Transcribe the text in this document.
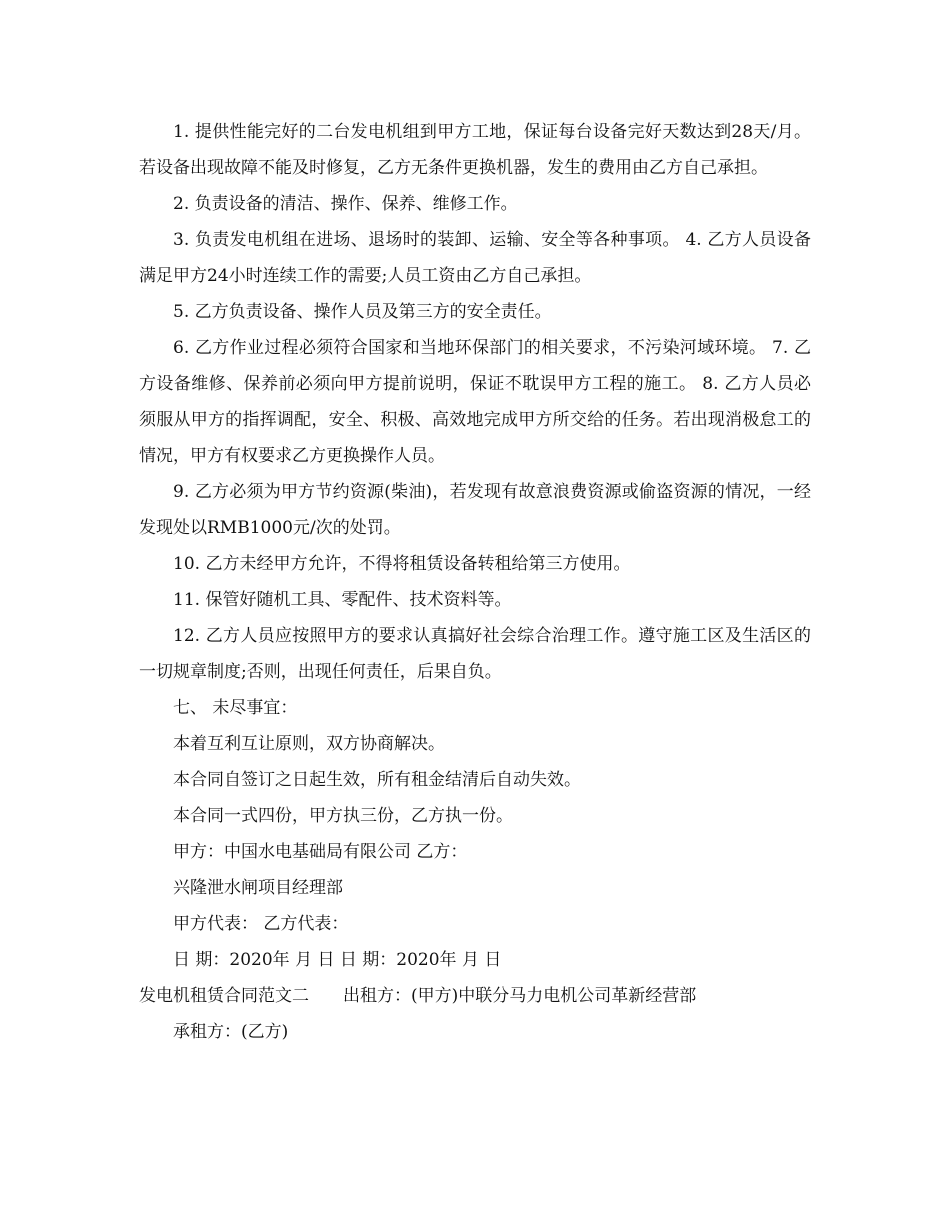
1. 提供性能完好的二台发电机组到甲方工地，保证每台设备完好天数达到28天/月。若设备出现故障不能及时修复，乙方无条件更换机器，发生的费用由乙方自己承担。

2. 负责设备的清洁、操作、保养、维修工作。

3. 负责发电机组在进场、退场时的装卸、运输、安全等各种事项。 4. 乙方人员设备满足甲方24小时连续工作的需要;人员工资由乙方自己承担。

5. 乙方负责设备、操作人员及第三方的安全责任。

6. 乙方作业过程必须符合国家和当地环保部门的相关要求，不污染河域环境。 7. 乙方设备维修、保养前必须向甲方提前说明，保证不耽误甲方工程的施工。 8. 乙方人员必须服从甲方的指挥调配，安全、积极、高效地完成甲方所交给的任务。若出现消极怠工的情况，甲方有权要求乙方更换操作人员。

9. 乙方必须为甲方节约资源(柴油)，若发现有故意浪费资源或偷盗资源的情况，一经发现处以RMB1000元/次的处罚。

10. 乙方未经甲方允许，不得将租赁设备转租给第三方使用。

11. 保管好随机工具、零配件、技术资料等。

12. 乙方人员应按照甲方的要求认真搞好社会综合治理工作。遵守施工区及生活区的一切规章制度;否则，出现任何责任，后果自负。

七、 未尽事宜：

本着互利互让原则，双方协商解决。

本合同自签订之日起生效，所有租金结清后自动失效。

本合同一式四份，甲方执三份，乙方执一份。

甲方：中国水电基础局有限公司 乙方：

兴隆泄水闸项目经理部

甲方代表： 乙方代表：

日 期：2020年 月 日 日 期：2020年 月 日

发电机租赁合同范文二　　出租方：(甲方)中联分马力电机公司革新经营部

承租方：(乙方)
